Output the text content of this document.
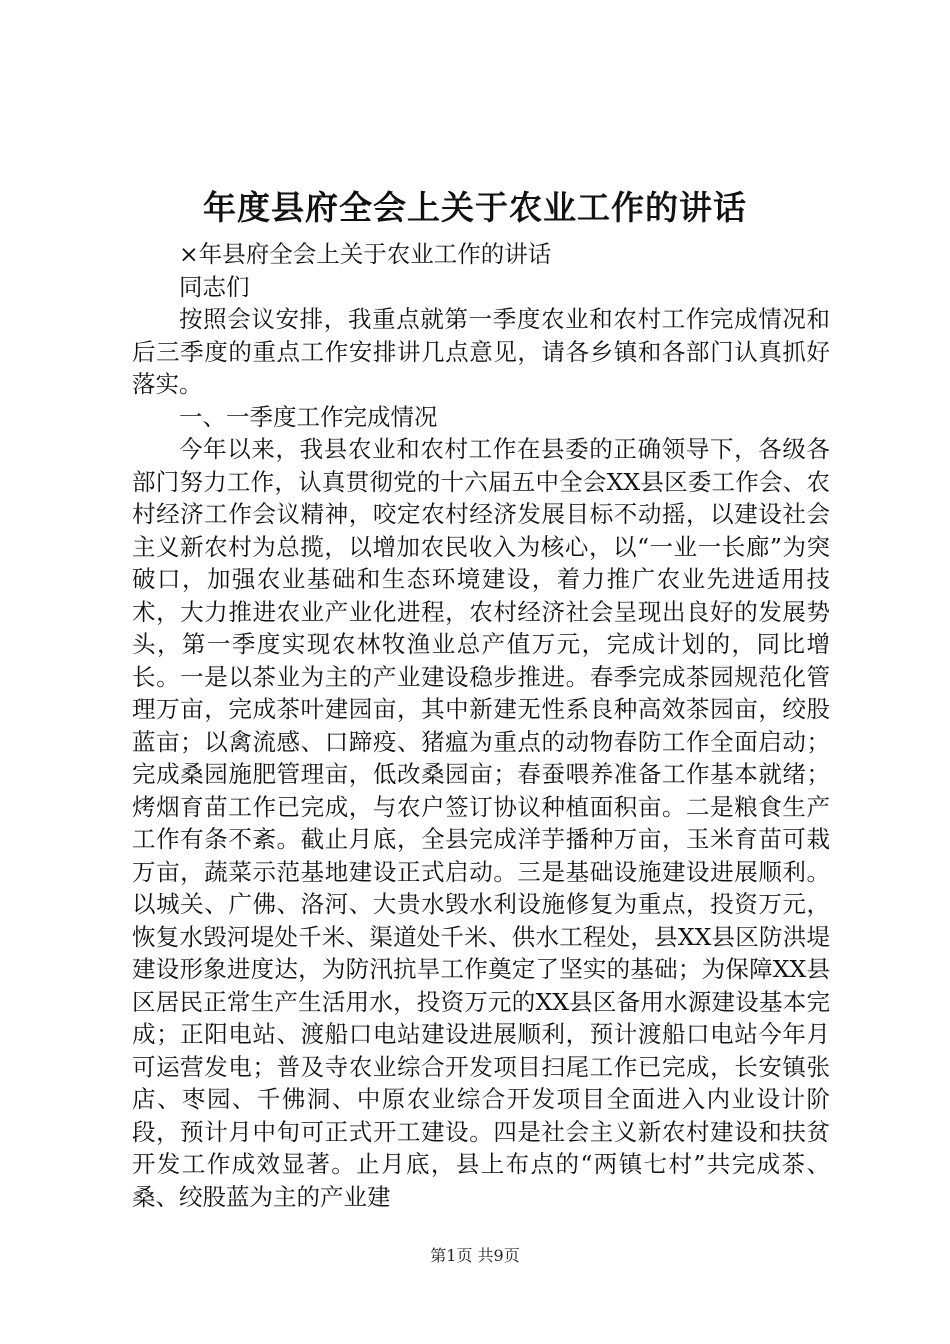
年度县府全会上关于农业工作的讲话

×年县府全会上关于农业工作的讲话

同志们

按照会议安排，我重点就第一季度农业和农村工作完成情况和后三季度的重点工作安排讲几点意见，请各乡镇和各部门认真抓好落实。

一、一季度工作完成情况

今年以来，我县农业和农村工作在县委的正确领导下，各级各部门努力工作，认真贯彻党的十六届五中全会XX县区委工作会、农村经济工作会议精神，咬定农村经济发展目标不动摇，以建设社会主义新农村为总揽，以增加农民收入为核心，以“一业一长廊”为突破口，加强农业基础和生态环境建设，着力推广农业先进适用技术，大力推进农业产业化进程，农村经济社会呈现出良好的发展势头，第一季度实现农林牧渔业总产值万元，完成计划的，同比增长。一是以茶业为主的产业建设稳步推进。春季完成茶园规范化管理万亩，完成茶叶建园亩，其中新建无性系良种高效茶园亩，绞股蓝亩；以禽流感、口蹄疫、猪瘟为重点的动物春防工作全面启动；完成桑园施肥管理亩，低改桑园亩；春蚕喂养准备工作基本就绪；烤烟育苗工作已完成，与农户签订协议种植面积亩。二是粮食生产工作有条不紊。截止月底，全县完成洋芋播种万亩，玉米育苗可栽万亩，蔬菜示范基地建设正式启动。三是基础设施建设进展顺利。以城关、广佛、洛河、大贵水毁水利设施修复为重点，投资万元，恢复水毁河堤处千米、渠道处千米、供水工程处，县XX县区防洪堤建设形象进度达，为防汛抗旱工作奠定了坚实的基础；为保障XX县区居民正常生产生活用水，投资万元的XX县区备用水源建设基本完成；正阳电站、渡船口电站建设进展顺利，预计渡船口电站今年月可运营发电；普及寺农业综合开发项目扫尾工作已完成，长安镇张店、枣园、千佛洞、中原农业综合开发项目全面进入内业设计阶段，预计月中旬可正式开工建设。四是社会主义新农村建设和扶贫开发工作成效显著。止月底，县上布点的“两镇七村”共完成茶、桑、绞股蓝为主的产业建

第1页 共9页
